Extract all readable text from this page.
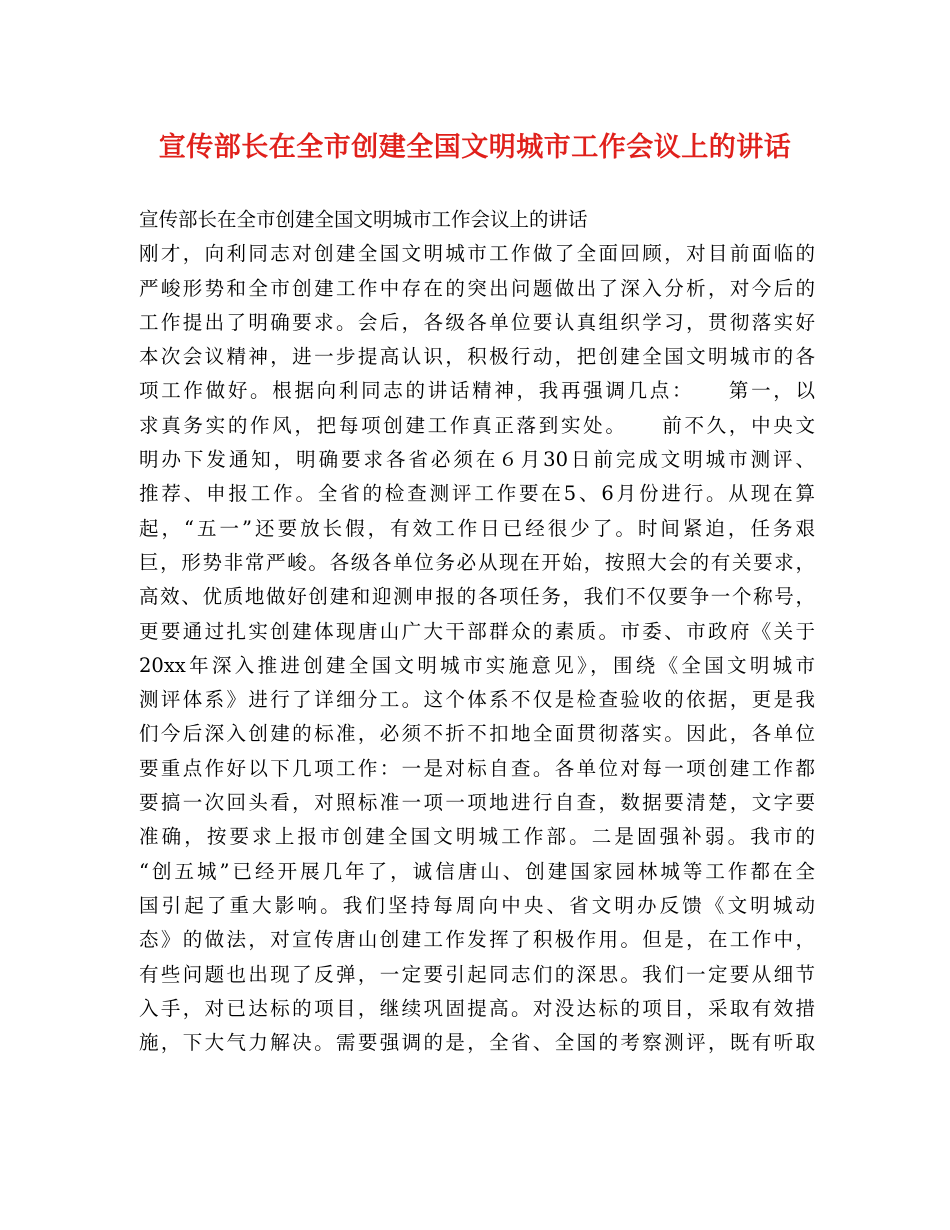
宣传部长在全市创建全国文明城市工作会议上的讲话
宣传部长在全市创建全国文明城市工作会议上的讲话
刚才，向利同志对创建全国文明城市工作做了全面回顾，对目前面临的
严峻形势和全市创建工作中存在的突出问题做出了深入分析，对今后的
工作提出了明确要求。会后，各级各单位要认真组织学习，贯彻落实好
本次会议精神，进一步提高认识，积极行动，把创建全国文明城市的各
项工作做好。根据向利同志的讲话精神，我再强调几点：　　第一，以
求真务实的作风，把每项创建工作真正落到实处。　　前不久，中央文
明办下发通知，明确要求各省必须在６月30日前完成文明城市测评、
推荐、申报工作。全省的检查测评工作要在5、6月份进行。从现在算
起，“五一”还要放长假，有效工作日已经很少了。时间紧迫，任务艰
巨，形势非常严峻。各级各单位务必从现在开始，按照大会的有关要求，
高效、优质地做好创建和迎测申报的各项任务，我们不仅要争一个称号，
更要通过扎实创建体现唐山广大干部群众的素质。市委、市政府《关于
20xx年深入推进创建全国文明城市实施意见》，围绕《全国文明城市
测评体系》进行了详细分工。这个体系不仅是检查验收的依据，更是我
们今后深入创建的标准，必须不折不扣地全面贯彻落实。因此，各单位
要重点作好以下几项工作：一是对标自查。各单位对每一项创建工作都
要搞一次回头看，对照标准一项一项地进行自查，数据要清楚，文字要
准确，按要求上报市创建全国文明城工作部。二是固强补弱。我市的
“创五城”已经开展几年了，诚信唐山、创建国家园林城等工作都在全
国引起了重大影响。我们坚持每周向中央、省文明办反馈《文明城动
态》的做法，对宣传唐山创建工作发挥了积极作用。但是，在工作中，
有些问题也出现了反弹，一定要引起同志们的深思。我们一定要从细节
入手，对已达标的项目，继续巩固提高。对没达标的项目，采取有效措
施，下大气力解决。需要强调的是，全省、全国的考察测评，既有听取
